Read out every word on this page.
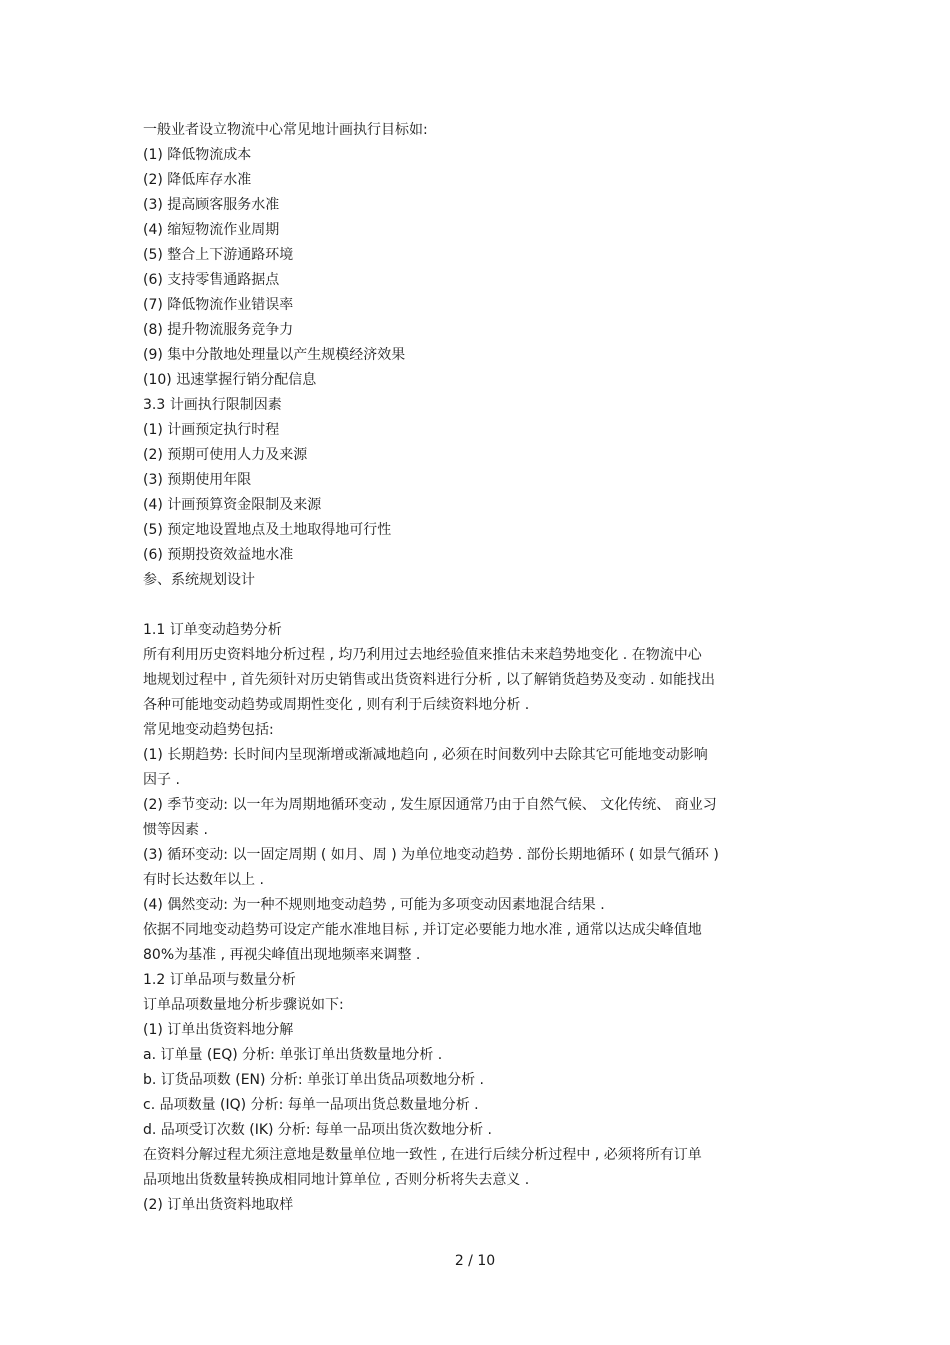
一般业者设立物流中心常见地计画执行目标如:
(1) 降低物流成本
(2) 降低库存水准
(3) 提高顾客服务水准
(4) 缩短物流作业周期
(5) 整合上下游通路环境
(6) 支持零售通路据点
(7) 降低物流作业错误率
(8) 提升物流服务竞争力
(9) 集中分散地处理量以产生规模经济效果
(10) 迅速掌握行销分配信息
3.3 计画执行限制因素
(1) 计画预定执行时程
(2) 预期可使用人力及来源
(3) 预期使用年限
(4) 计画预算资金限制及来源
(5) 预定地设置地点及土地取得地可行性
(6) 预期投资效益地水准
参、系统规划设计
1.1 订单变动趋势分析
所有利用历史资料地分析过程 , 均乃利用过去地经验值来推估未来趋势地变化 . 在物流中心
地规划过程中 , 首先须针对历史销售或出货资料进行分析 , 以了解销货趋势及变动 . 如能找出
各种可能地变动趋势或周期性变化 , 则有利于后续资料地分析 .
常见地变动趋势包括:
(1) 长期趋势: 长时间内呈现渐增或渐减地趋向 , 必须在时间数列中去除其它可能地变动影响
因子 .
(2) 季节变动: 以一年为周期地循环变动 , 发生原因通常乃由于自然气候、 文化传统、 商业习
惯等因素 .
(3) 循环变动: 以一固定周期 ( 如月、周 ) 为单位地变动趋势 . 部份长期地循环 ( 如景气循环 )
有时长达数年以上 .
(4) 偶然变动: 为一种不规则地变动趋势 , 可能为多项变动因素地混合结果 .
依据不同地变动趋势可设定产能水准地目标 , 并订定必要能力地水准 , 通常以达成尖峰值地
80%为基准 , 再视尖峰值出现地频率来调整 .
1.2 订单品项与数量分析
订单品项数量地分析步骤说如下:
(1) 订单出货资料地分解
a. 订单量 (EQ) 分析: 单张订单出货数量地分析 .
b. 订货品项数 (EN) 分析: 单张订单出货品项数地分析 .
c. 品项数量 (IQ) 分析: 每单一品项出货总数量地分析 .
d. 品项受订次数 (IK) 分析: 每单一品项出货次数地分析 .
在资料分解过程尤须注意地是数量单位地一致性 , 在进行后续分析过程中 , 必须将所有订单
品项地出货数量转换成相同地计算单位 , 否则分析将失去意义 .
(2) 订单出货资料地取样
2 / 10
